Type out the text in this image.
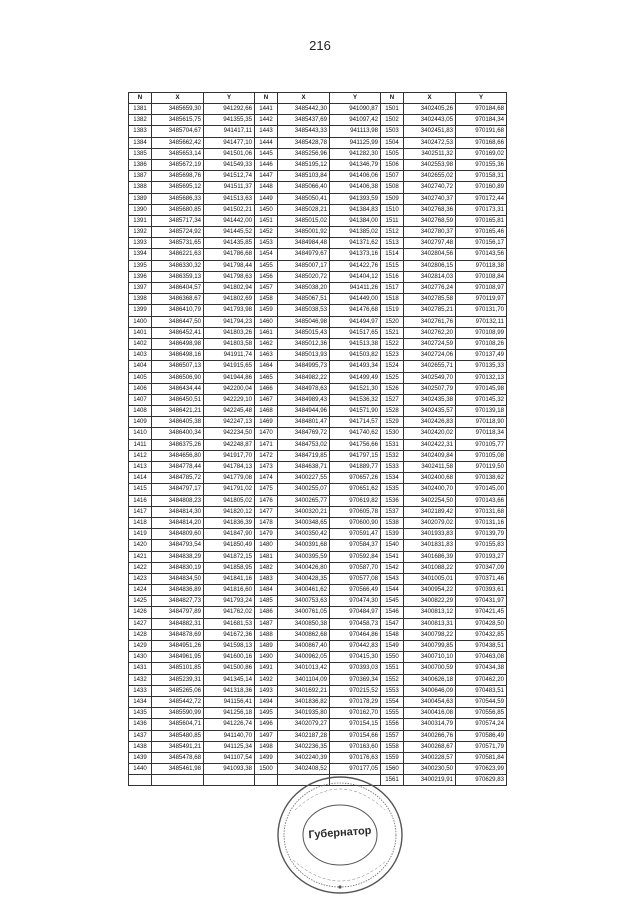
216
N	X	Y	N	X	Y	N	X	Y
1381	3485659,30	941292,66	1441	3485442,30	941090,87	1501	3402405,26	970184,68
1382	3485615,75	941355,35	1442	3485437,69	941097,42	1502	3402443,05	970184,34
1383	3485704,67	941417,11	1443	3485443,33	941113,98	1503	3402451,83	970191,68
1384	3485662,42	941477,10	1444	3485428,78	941125,99	1504	3402472,53	970168,66
1385	3485653,14	941501,06	1445	3485256,96	941282,30	1505	3402511,32	970169,02
1386	3485672,19	941549,33	1446	3485195,12	941346,79	1506	3402553,98	970155,36
1387	3485698,76	941512,74	1447	3485103,84	941406,06	1507	3402655,02	970158,31
1388	3485695,12	941511,37	1448	3485066,40	941406,38	1508	3402740,72	970160,89
1389	3485686,33	941513,63	1449	3485050,41	941393,59	1509	3402740,37	970172,44
1390	3485680,85	941502,21	1450	3485028,21	941384,83	1510	3402768,36	970173,31
1391	3485717,34	941442,00	1451	3485015,02	941384,00	1511	3402768,59	970165,81
1392	3485724,92	941445,52	1452	3485001,92	941385,02	1512	3402780,37	970165,46
1393	3485731,65	941435,85	1453	3484984,48	941371,62	1513	3402797,48	970156,17
1394	3486221,63	941786,68	1454	3484979,67	941373,16	1514	3402804,56	970143,56
1395	3486330,32	941798,44	1455	3485007,17	941422,76	1515	3402806,15	970118,38
1396	3486359,13	941798,63	1456	3485020,72	941404,12	1516	3402814,03	970108,84
1397	3486404,57	941802,94	1457	3485038,20	941411,26	1517	3402776,24	970108,97
1398	3486368,67	941802,69	1458	3485067,51	941449,00	1518	3402785,58	970119,97
1399	3486410,79	941793,98	1459	3485038,53	941476,68	1519	3402785,21	970131,70
1400	3486447,50	941794,23	1460	3485046,98	941494,97	1520	3402761,76	970132,11
1401	3486452,41	941803,26	1461	3485015,43	941517,65	1521	3402762,20	970108,99
1402	3486498,98	941803,58	1462	3485012,36	941513,38	1522	3402724,59	970108,26
1403	3486498,16	941911,74	1463	3485013,93	941503,82	1523	3402724,06	970137,49
1404	3486507,13	941915,65	1464	3484995,73	941493,34	1524	3402655,71	970135,33
1405	3486506,90	941944,86	1465	3484982,22	941499,49	1525	3402549,70	970132,13
1406	3486434,44	942200,04	1466	3484978,63	941521,30	1526	3402507,79	970145,98
1407	3486450,51	942229,10	1467	3484989,43	941536,32	1527	3402435,38	970145,32
1408	3486421,21	942245,48	1468	3484944,96	941571,90	1528	3402435,57	970139,18
1409	3486405,38	942247,13	1469	3484801,47	941714,57	1529	3402426,83	970118,90
1410	3486400,34	942234,50	1470	3484769,72	941740,62	1530	3402420,02	970118,34
1411	3486375,26	942248,87	1471	3484753,02	941756,66	1531	3402422,31	970105,77
1412	3484656,80	941917,70	1472	3484719,85	941797,15	1532	3402409,84	970105,08
1413	3484778,44	941784,13	1473	3484638,71	941889,77	1533	3402411,58	970119,50
1414	3484785,72	941779,08	1474	3400227,55	970657,26	1534	3402400,68	970138,62
1415	3484797,17	941791,02	1475	3400255,07	970651,62	1535	3402400,70	970145,00
1416	3484808,23	941805,02	1476	3400265,77	970619,82	1536	3402254,50	970143,66
1417	3484814,30	941820,12	1477	3400320,21	970605,78	1537	3402189,42	970131,68
1418	3484814,20	941836,39	1478	3400348,65	970600,90	1538	3402079,02	970131,16
1419	3484809,60	941847,90	1479	3400350,42	970591,47	1539	3401933,83	970139,79
1420	3484793,54	941850,49	1480	3400391,68	970584,37	1540	3401831,83	970155,83
1421	3484838,29	941872,15	1481	3400395,59	970592,84	1541	3401686,39	970193,27
1422	3484830,19	941858,95	1482	3400426,80	970587,70	1542	3401088,22	970347,09
1423	3484834,50	941841,16	1483	3400428,35	970577,08	1543	3401005,01	970371,46
1424	3484836,89	941816,60	1484	3400461,62	970566,49	1544	3400954,22	970393,61
1425	3484827,73	941793,24	1485	3400753,63	970474,30	1545	3400822,29	970431,97
1426	3484797,89	941762,02	1486	3400761,05	970484,97	1546	3400813,12	970421,45
1427	3484882,31	941681,53	1487	3400850,38	970458,73	1547	3400813,31	970428,50
1428	3484878,69	941672,36	1488	3400862,68	970464,86	1548	3400798,22	970432,85
1429	3484951,26	941598,13	1489	3400867,40	970442,83	1549	3400799,85	970438,51
1430	3484961,95	941600,16	1490	3400962,05	970415,30	1550	3400710,10	970463,08
1431	3485101,85	941500,86	1491	3401013,42	970393,03	1551	3400700,59	970434,38
1432	3485239,31	941345,14	1492	3401104,09	970369,34	1552	3400626,18	970462,20
1433	3485265,06	941318,36	1493	3401692,21	970215,52	1553	3400646,09	970483,51
1434	3485442,72	941156,41	1494	3401836,82	970178,29	1554	3400454,63	970544,59
1435	3485590,99	941256,18	1495	3401935,80	970162,70	1555	3400416,08	970556,85
1436	3485604,71	941226,74	1496	3402079,27	970154,15	1556	3400314,79	970574,24
1437	3485480,85	941140,70	1497	3402187,28	970154,66	1557	3400266,76	970586,49
1438	3485491,21	941125,34	1498	3402236,35	970163,60	1558	3400268,67	970571,79
1439	3485478,68	941107,54	1499	3402240,39	970176,63	1559	3400228,57	970581,84
1440	3485461,98	941093,38	1500	3402408,52	970177,05	1560	3400230,50	970623,99
						1561	3400219,91	970629,83
Губернатор
